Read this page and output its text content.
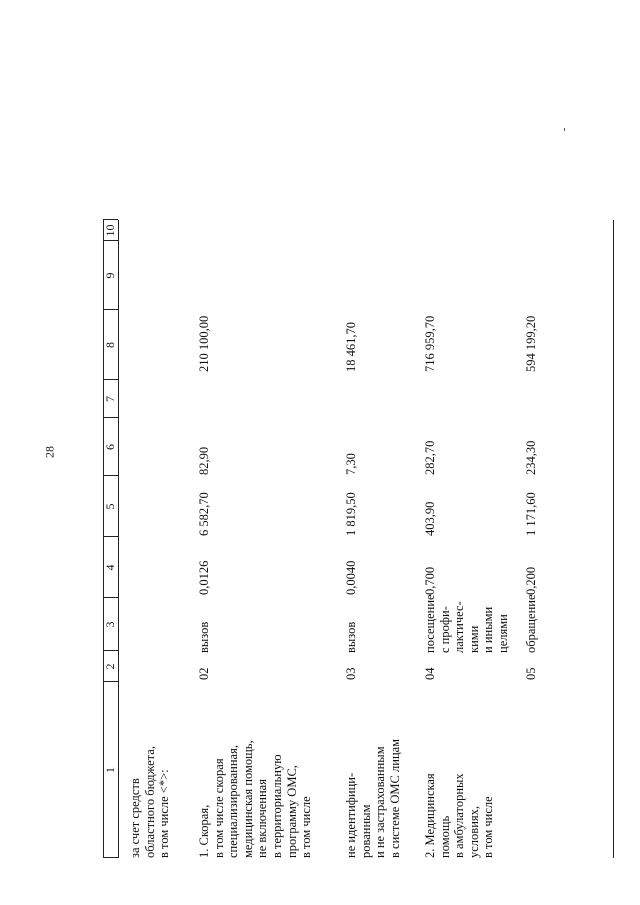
28
1
2
3
4
5
6
7
8
9
10
за счет средств областного бюджета, в том числе <*>: 1. Скорая, в том числе скорая специализированная, медицинская помощь, не включенная в территориальную программу ОМС, в том числе
02
вызов
0,0126
6 582,70
82,90
210 100,00
не идентифици- рованным и не застрахованным в системе ОМС лицам
03
вызов
0,0040
1 819,50
7,30
18 461,70
2. Медицинская помощь в амбулаторных условиях, в том числе
04
посещение с профи- лактичес- кими и иными целями
0,700
403,90
282,70
716 959,70
05
обращение
0,200
1 171,60
234,30
594 199,20
